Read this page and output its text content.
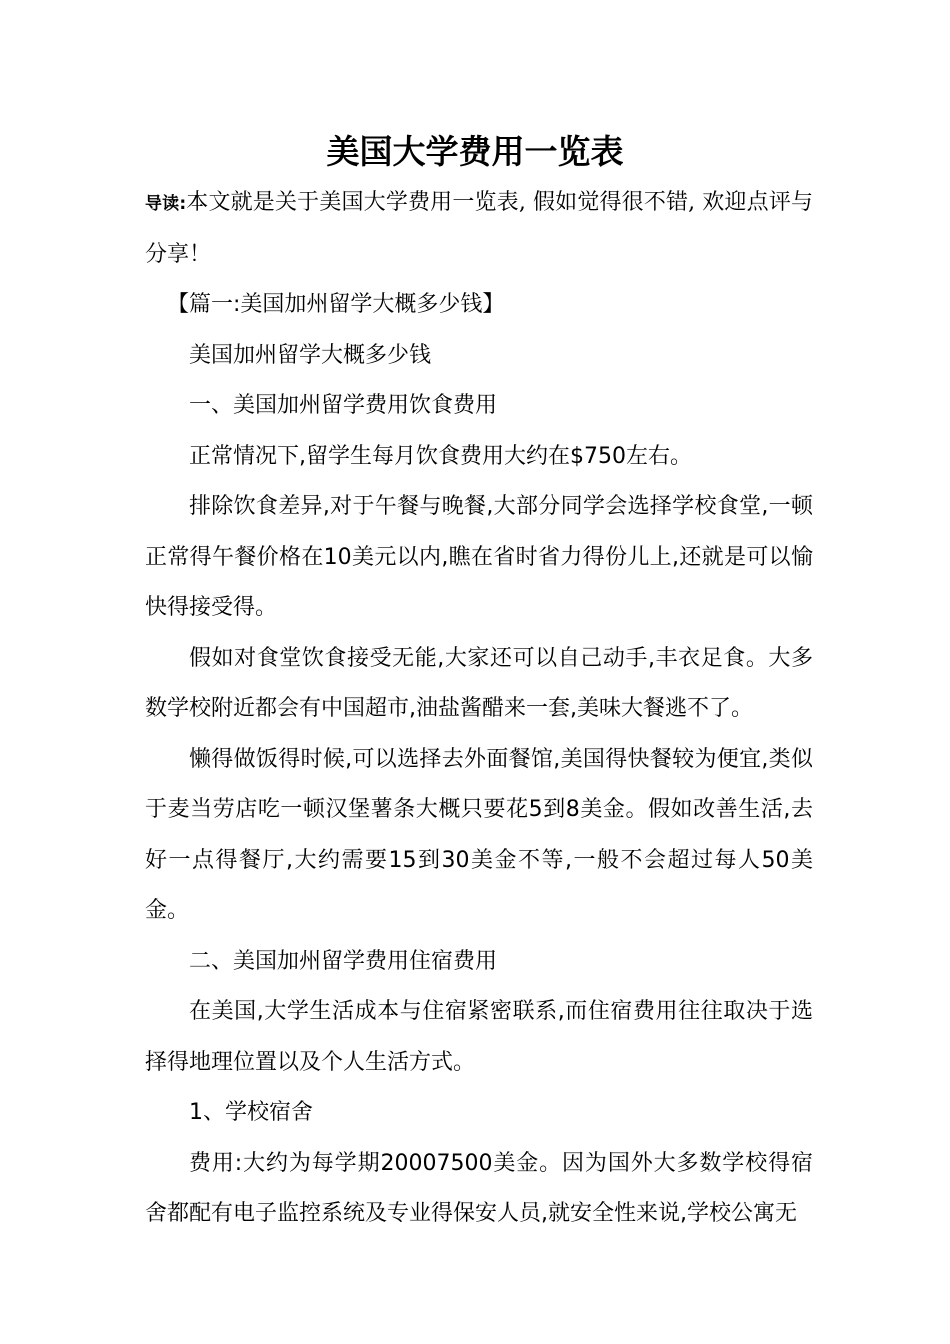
美国大学费用一览表

导读:本文就是关于美国大学费用一览表, 假如觉得很不错, 欢迎点评与分享！

【篇一:美国加州留学大概多少钱】

美国加州留学大概多少钱

一、美国加州留学费用饮食费用

正常情况下,留学生每月饮食费用大约在$750左右。

排除饮食差异,对于午餐与晚餐,大部分同学会选择学校食堂,一顿正常得午餐价格在10美元以内,瞧在省时省力得份儿上,还就是可以愉快得接受得。

假如对食堂饮食接受无能,大家还可以自己动手,丰衣足食。大多数学校附近都会有中国超市,油盐酱醋来一套,美味大餐逃不了。

懒得做饭得时候,可以选择去外面餐馆,美国得快餐较为便宜,类似于麦当劳店吃一顿汉堡薯条大概只要花5到8美金。假如改善生活,去好一点得餐厅,大约需要15到30美金不等,一般不会超过每人50美金。

二、美国加州留学费用住宿费用

在美国,大学生活成本与住宿紧密联系,而住宿费用往往取决于选择得地理位置以及个人生活方式。

1、学校宿舍

费用:大约为每学期20007500美金。因为国外大多数学校得宿舍都配有电子监控系统及专业得保安人员,就安全性来说,学校公寓无
